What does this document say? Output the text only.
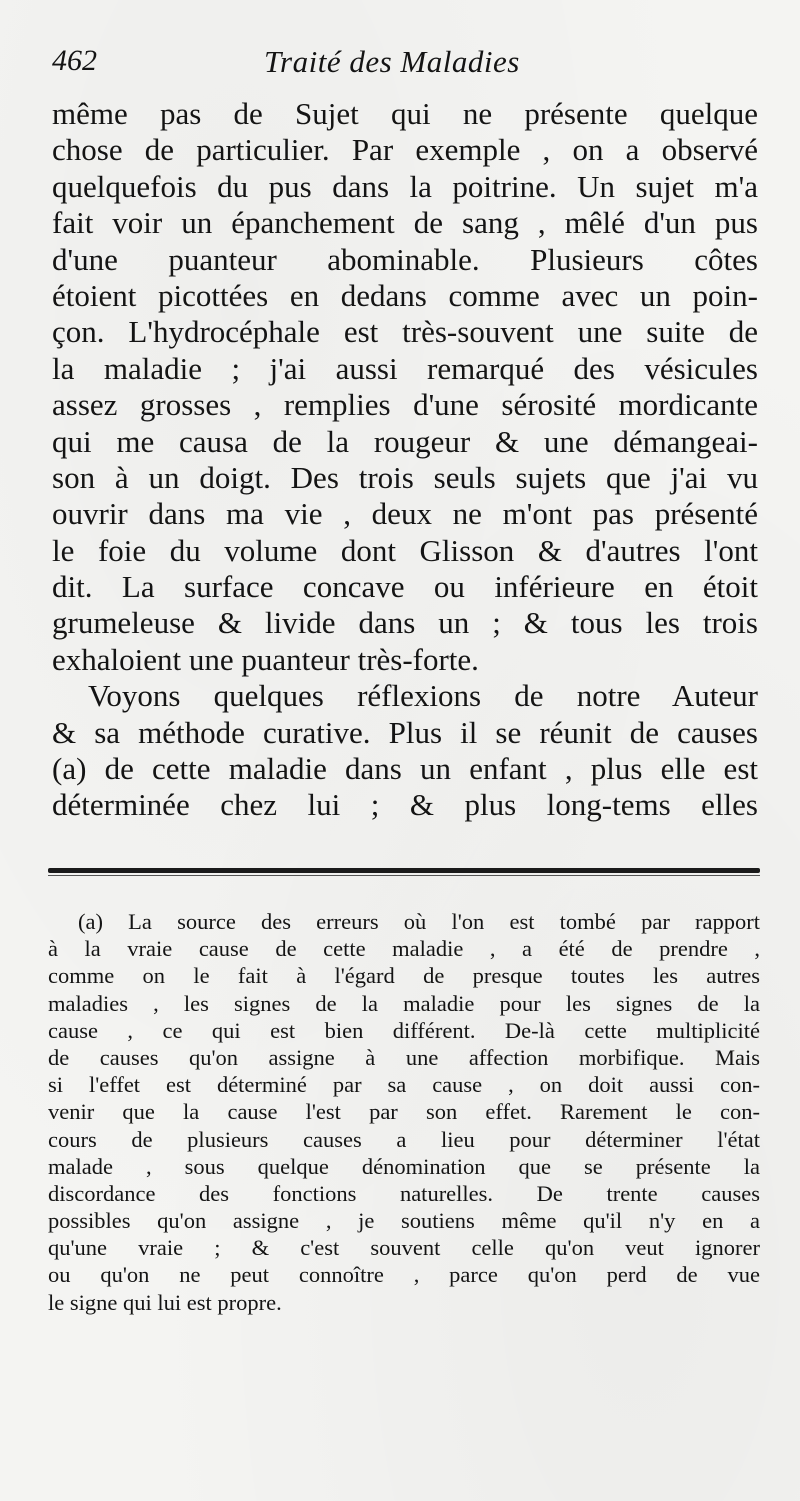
462	Traité des Maladies
même pas de Sujet qui ne présente quelque
chose de particulier. Par exemple , on a observé
quelquefois du pus dans la poitrine. Un sujet m'a
fait voir un épanchement de sang , mêlé d'un pus
d'une puanteur abominable. Plusieurs côtes
étoient picottées en dedans comme avec un poin-
çon. L'hydrocéphale est très-souvent une suite de
la maladie ; j'ai aussi remarqué des vésicules
assez grosses , remplies d'une sérosité mordicante
qui me causa de la rougeur & une démangeai-
son à un doigt. Des trois seuls sujets que j'ai vu
ouvrir dans ma vie , deux ne m'ont pas présenté
le foie du volume dont Glisson & d'autres l'ont
dit. La surface concave ou inférieure en étoit
grumeleuse & livide dans un ; & tous les trois
exhaloient une puanteur très-forte.
Voyons quelques réflexions de notre Auteur
& sa méthode curative. Plus il se réunit de causes
(a) de cette maladie dans un enfant , plus elle est
déterminée chez lui ; & plus long-tems elles
(a) La source des erreurs où l'on est tombé par rapport
à la vraie cause de cette maladie , a été de prendre ,
comme on le fait à l'égard de presque toutes les autres
maladies , les signes de la maladie pour les signes de la
cause , ce qui est bien différent. De-là cette multiplicité
de causes qu'on assigne à une affection morbifique. Mais
si l'effet est déterminé par sa cause , on doit aussi con-
venir que la cause l'est par son effet. Rarement le con-
cours de plusieurs causes a lieu pour déterminer l'état
malade , sous quelque dénomination que se présente la
discordance des fonctions naturelles. De trente causes
possibles qu'on assigne , je soutiens même qu'il n'y en a
qu'une vraie ; & c'est souvent celle qu'on veut ignorer
ou qu'on ne peut connoître , parce qu'on perd de vue
le signe qui lui est propre.
